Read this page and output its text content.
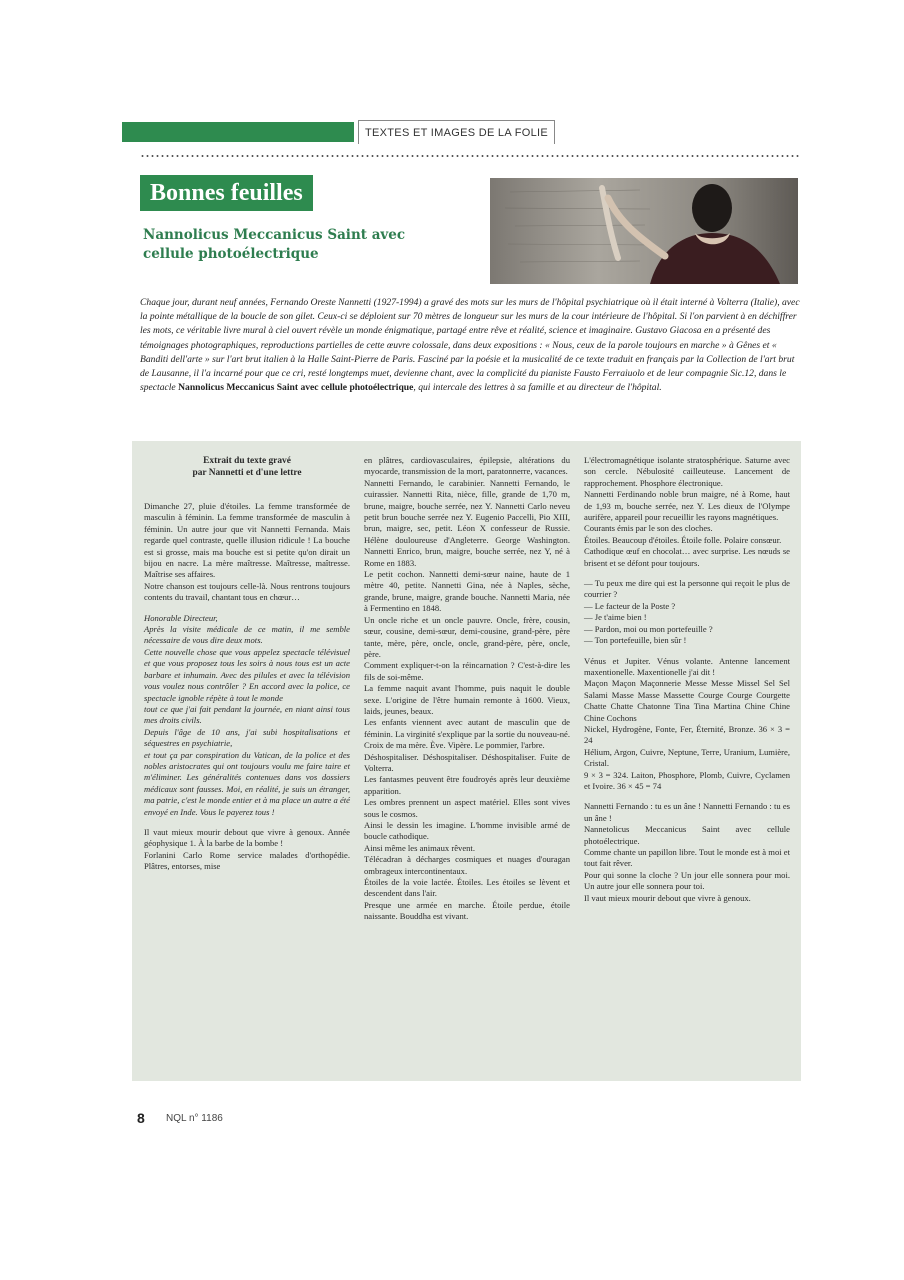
TEXTES ET IMAGES DE LA FOLIE
Bonnes feuilles
Nannolicus Meccanicus Saint avec cellule photoélectrique
Chaque jour, durant neuf années, Fernando Oreste Nannetti (1927-1994) a gravé des mots sur les murs de l'hôpital psychiatrique où il était interné à Volterra (Italie), avec la pointe métallique de la boucle de son gilet. Ceux-ci se déploient sur 70 mètres de longueur sur les murs de la cour intérieure de l'hôpital. Si l'on parvient à en déchiffrer les mots, ce véritable livre mural à ciel ouvert révèle un monde énigmatique, partagé entre rêve et réalité, science et imaginaire. Gustavo Giacosa en a présenté des témoignages photographiques, reproductions partielles de cette œuvre colossale, dans deux expositions : « Nous, ceux de la parole toujours en marche » à Gênes et « Banditi dell'arte » sur l'art brut italien à la Halle Saint-Pierre de Paris. Fasciné par la poésie et la musicalité de ce texte traduit en français par la Collection de l'art brut de Lausanne, il l'a incarné pour que ce cri, resté longtemps muet, devienne chant, avec la complicité du pianiste Fausto Ferraiuolo et de leur compagnie Sic.12, dans le spectacle Nannolicus Meccanicus Saint avec cellule photoélectrique, qui intercale des lettres à sa famille et au directeur de l'hôpital.
Extrait du texte gravé
par Nannetti et d'une lettre

Dimanche 27, pluie d'étoiles. La femme transformée de masculin à féminin. La femme transformée de masculin à féminin. Un autre jour que vit Nannetti Fernanda. Mais regarde quel contraste, quelle illusion ridicule ! La bouche est si grosse, mais ma bouche est si petite qu'on dirait un bijou en nacre. La mère maîtresse. Maîtresse, maîtresse. Maîtrise ses affaires.

Notre chanson est toujours celle-là. Nous rentrons toujours contents du travail, chantant tous en chœur…

Honorable Directeur,

Après la visite médicale de ce matin, il me semble nécessaire de vous dire deux mots.

Cette nouvelle chose que vous appelez spectacle télévisuel et que vous proposez tous les soirs à nous tous est un acte barbare et inhumain. Avec des pilules et avec la télévision vous voulez nous contrôler ? En accord avec la police, ce spectacle ignoble répète à tout le monde

tout ce que j'ai fait pendant la journée, en niant ainsi tous mes droits civils.

Depuis l'âge de 10 ans, j'ai subi hospitalisations et séquestres en psychiatrie,

et tout ça par conspiration du Vatican, de la police et des nobles aristocrates qui ont toujours voulu me faire taire et m'éliminer. Les généralités contenues dans vos dossiers médicaux sont fausses. Moi, en réalité, je suis un étranger, ma patrie, c'est le monde entier et à ma place un autre a été envoyé en Inde. Vous le payerez tous !

Il vaut mieux mourir debout que vivre à genoux. Année géophysique 1. À la barbe de la bombe !

Forlanini Carlo Rome service malades d'orthopédie. Plâtres, entorses, mise

en plâtres, cardiovasculaires, épilepsie, altérations du myocarde, transmission de la mort, paratonnerre, vacances.

Nannetti Fernando, le carabinier. Nannetti Fernando, le cuirassier. Nannetti Rita, nièce, fille, grande de 1,70 m, brune, maigre, bouche serrée, nez Y. Nannetti Carlo neveu petit brun bouche serrée nez Y. Eugenio Paccelli, Pio XIII, brun, maigre, sec, petit. Léon X confesseur de Russie. Hélène douloureuse d'Angleterre. George Washington. Nannetti Enrico, brun, maigre, bouche serrée, nez Y, né à Rome en 1883.

Le petit cochon. Nannetti demi-sœur naine, haute de 1 mètre 40, petite. Nannetti Gina, née à Naples, sèche, grande, brune, maigre, grande bouche. Nannetti Maria, née à Fermentino en 1848.

Un oncle riche et un oncle pauvre. Oncle, frère, cousin, sœur, cousine, demi-sœur, demi-cousine, grand-père, père tante, mère, père, oncle, oncle, grand-père, père, oncle, père.

Comment expliquer-t-on la réincarnation ? C'est-à-dire les fils de soi-même.

La femme naquit avant l'homme, puis naquit le double sexe. L'origine de l'être humain remonte à 1600. Vieux, laids, jeunes, beaux.

Les enfants viennent avec autant de masculin que de féminin. La virginité s'explique par la sortie du nouveau-né. Croix de ma mère. Ève. Vipère. Le pommier, l'arbre.

Déshospitaliser. Déshospitaliser. Déshospitaliser. Fuite de Volterra.

Les fantasmes peuvent être foudroyés après leur deuxième apparition.

Les ombres prennent un aspect matériel. Elles sont vives sous le cosmos.

Ainsi le dessin les imagine. L'homme invisible armé de boucle cathodique.

Ainsi même les animaux rêvent.

Télécadran à décharges cosmiques et nuages d'ouragan ombrageux intercontinentaux.

Étoiles de la voie lactée. Étoiles. Les étoiles se lèvent et descendent dans l'air.

Presque une armée en marche. Étoile perdue, étoile naissante. Bouddha est vivant.

L'électromagnétique isolante stratosphérique. Saturne avec son cercle. Nébulosité cailleuteuse. Lancement de rapprochement. Phosphore électronique.

Nannetti Ferdinando noble brun maigre, né à Rome, haut de 1,93 m, bouche serrée, nez Y. Les dieux de l'Olympe aurifère, appareil pour recueillir les rayons magnétiques.

Courants émis par le son des cloches.

Étoiles. Beaucoup d'étoiles. Étoile folle. Polaire consœur.

Cathodique œuf en chocolat… avec surprise. Les nœuds se brisent et se défont pour toujours.

— Tu peux me dire qui est la personne qui reçoit le plus de courrier ?

— Le facteur de la Poste ?

— Je t'aime bien !

— Pardon, moi ou mon portefeuille ?

— Ton portefeuille, bien sûr !

Vénus et Jupiter. Vénus volante. Antenne lancement maxentionelle. Maxentionelle j'ai dit !

Maçon Maçon Maçonnerie Messe Messe Missel Sel Sel Salami Masse Masse Massette Courge Courge Courgette Chatte Chatte Chatonne Tina Tina Martina Chine Chine Chine Cochons

Nickel, Hydrogène, Fonte, Fer, Éternité, Bronze. 36 × 3 = 24

Hélium, Argon, Cuivre, Neptune, Terre, Uranium, Lumière, Cristal.

9 × 3 = 324. Laiton, Phosphore, Plomb, Cuivre, Cyclamen et Ivoire. 36 × 45 = 74

Nannetti Fernando : tu es un âne ! Nannetti Fernando : tu es un âne !

Nannetolicus Meccanicus Saint avec cellule photoélectrique.

Comme chante un papillon libre. Tout le monde est à moi et tout fait rêver.

Pour qui sonne la cloche ? Un jour elle sonnera pour moi. Un autre jour elle sonnera pour toi.

Il vaut mieux mourir debout que vivre à genoux.

8 NQL n° 1186
